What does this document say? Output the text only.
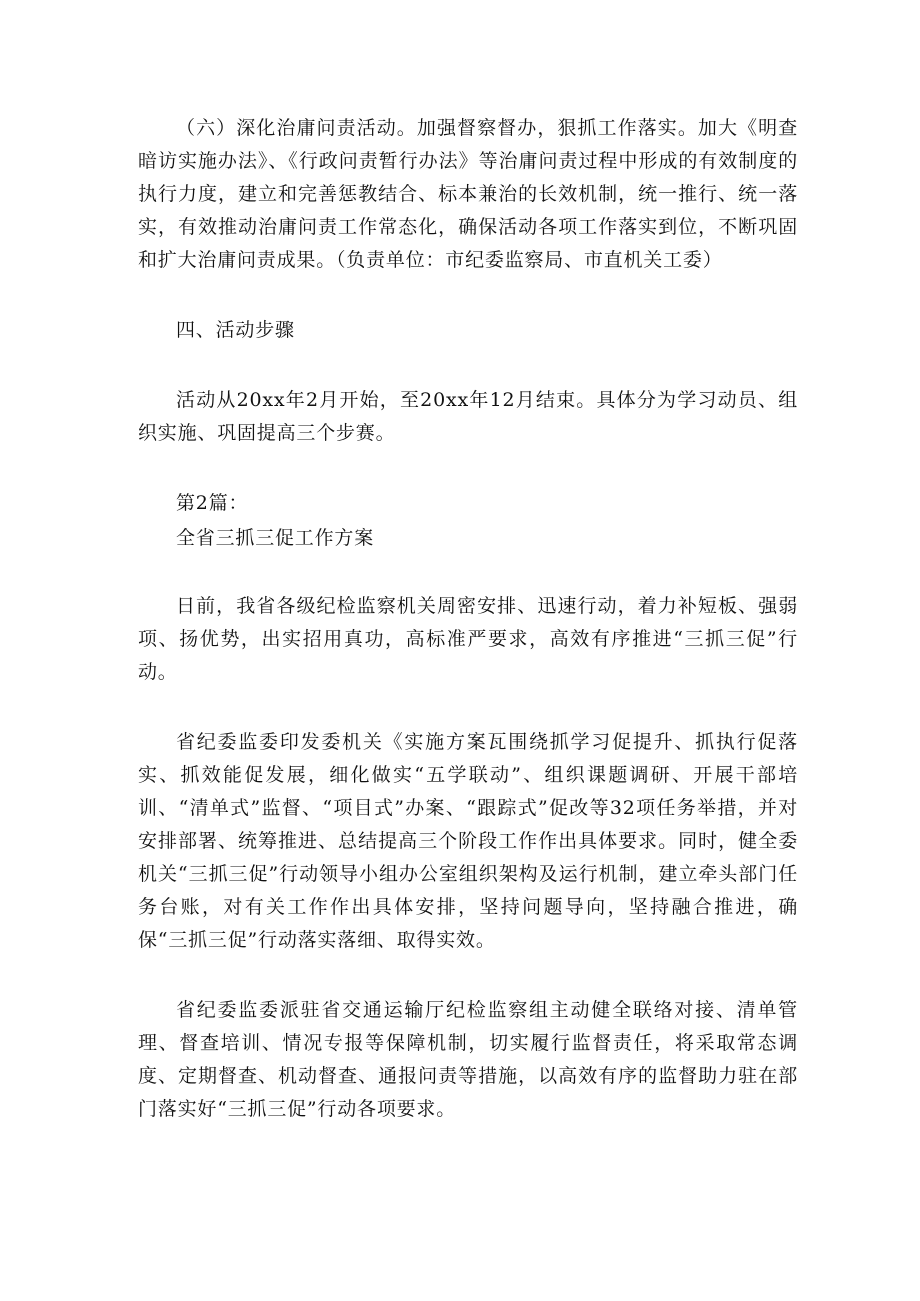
（六）深化治庸问责活动。加强督察督办，狠抓工作落实。加大《明查暗访实施办法》、《行政问责暂行办法》等治庸问责过程中形成的有效制度的执行力度，建立和完善惩教结合、标本兼治的长效机制，统一推行、统一落实，有效推动治庸问责工作常态化，确保活动各项工作落实到位，不断巩固和扩大治庸问责成果。（负责单位：市纪委监察局、市直机关工委）

四、活动步骤

活动从20xx年2月开始，至20xx年12月结束。具体分为学习动员、组织实施、巩固提高三个步赛。

第2篇：

全省三抓三促工作方案

日前，我省各级纪检监察机关周密安排、迅速行动，着力补短板、强弱项、扬优势，出实招用真功，高标准严要求，高效有序推进“三抓三促”行动。

省纪委监委印发委机关《实施方案瓦围绕抓学习促提升、抓执行促落实、抓效能促发展，细化做实“五学联动”、组织课题调研、开展干部培训、“清单式”监督、“项目式”办案、“跟踪式”促改等32项任务举措，并对安排部署、统筹推进、总结提高三个阶段工作作出具体要求。同时，健全委机关“三抓三促”行动领导小组办公室组织架构及运行机制，建立牵头部门任务台账，对有关工作作出具体安排，坚持问题导向，坚持融合推进，确保“三抓三促”行动落实落细、取得实效。

省纪委监委派驻省交通运输厅纪检监察组主动健全联络对接、清单管理、督查培训、情况专报等保障机制，切实履行监督责任，将采取常态调度、定期督查、机动督查、通报问责等措施，以高效有序的监督助力驻在部门落实好“三抓三促”行动各项要求。
